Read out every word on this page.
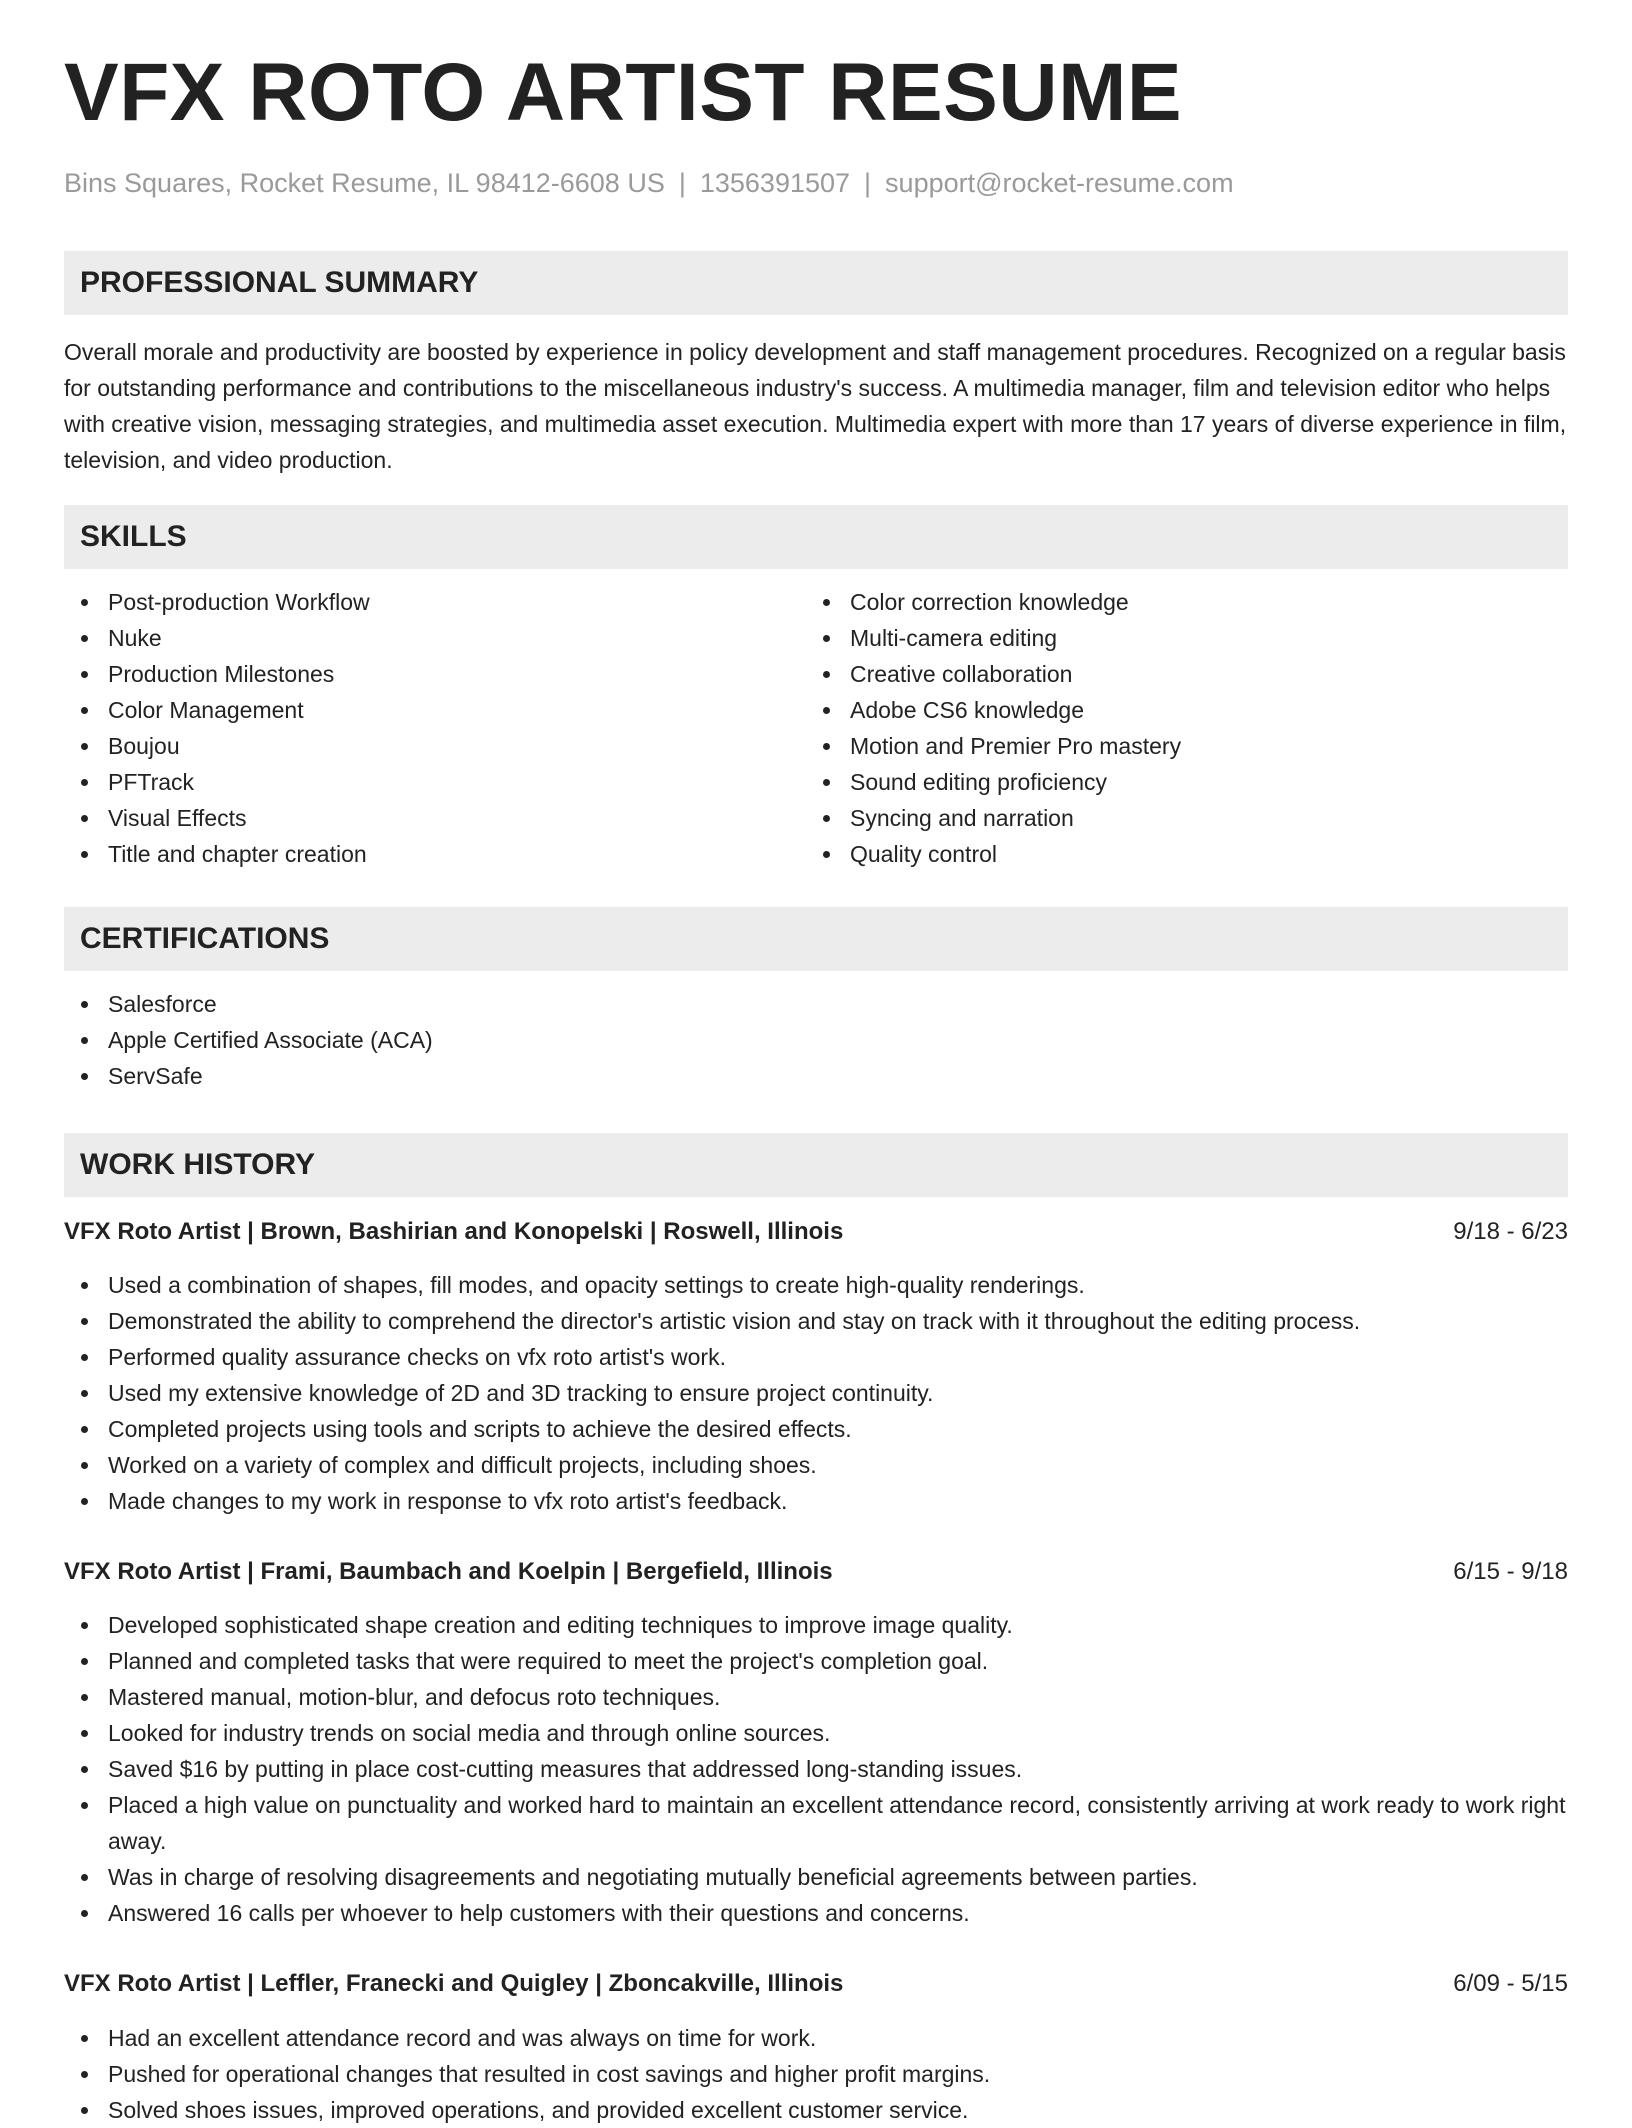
VFX ROTO ARTIST RESUME
Bins Squares, Rocket Resume, IL 98412-6608 US | 1356391507 | support@rocket-resume.com
PROFESSIONAL SUMMARY

Overall morale and productivity are boosted by experience in policy development and staff management procedures. Recognized on a regular basis for outstanding performance and contributions to the miscellaneous industry's success. A multimedia manager, film and television editor who helps with creative vision, messaging strategies, and multimedia asset execution. Multimedia expert with more than 17 years of diverse experience in film, television, and video production.

SKILLS
Post-production Workflow
Nuke
Production Milestones
Color Management
Boujou
PFTrack
Visual Effects
Title and chapter creation
Color correction knowledge
Multi-camera editing
Creative collaboration
Adobe CS6 knowledge
Motion and Premier Pro mastery
Sound editing proficiency
Syncing and narration
Quality control
CERTIFICATIONS
Salesforce
Apple Certified Associate (ACA)
ServSafe
WORK HISTORY
VFX Roto Artist | Brown, Bashirian and Konopelski | Roswell, Illinois	9/18 - 6/23
Used a combination of shapes, fill modes, and opacity settings to create high-quality renderings.
Demonstrated the ability to comprehend the director's artistic vision and stay on track with it throughout the editing process.
Performed quality assurance checks on vfx roto artist's work.
Used my extensive knowledge of 2D and 3D tracking to ensure project continuity.
Completed projects using tools and scripts to achieve the desired effects.
Worked on a variety of complex and difficult projects, including shoes.
Made changes to my work in response to vfx roto artist's feedback.
VFX Roto Artist | Frami, Baumbach and Koelpin | Bergefield, Illinois	6/15 - 9/18
Developed sophisticated shape creation and editing techniques to improve image quality.
Planned and completed tasks that were required to meet the project's completion goal.
Mastered manual, motion-blur, and defocus roto techniques.
Looked for industry trends on social media and through online sources.
Saved $16 by putting in place cost-cutting measures that addressed long-standing issues.
Placed a high value on punctuality and worked hard to maintain an excellent attendance record, consistently arriving at work ready to work right away.
Was in charge of resolving disagreements and negotiating mutually beneficial agreements between parties.
Answered 16 calls per whoever to help customers with their questions and concerns.
VFX Roto Artist | Leffler, Franecki and Quigley | Zboncakville, Illinois	6/09 - 5/15
Had an excellent attendance record and was always on time for work.
Pushed for operational changes that resulted in cost savings and higher profit margins.
Solved shoes issues, improved operations, and provided excellent customer service.
